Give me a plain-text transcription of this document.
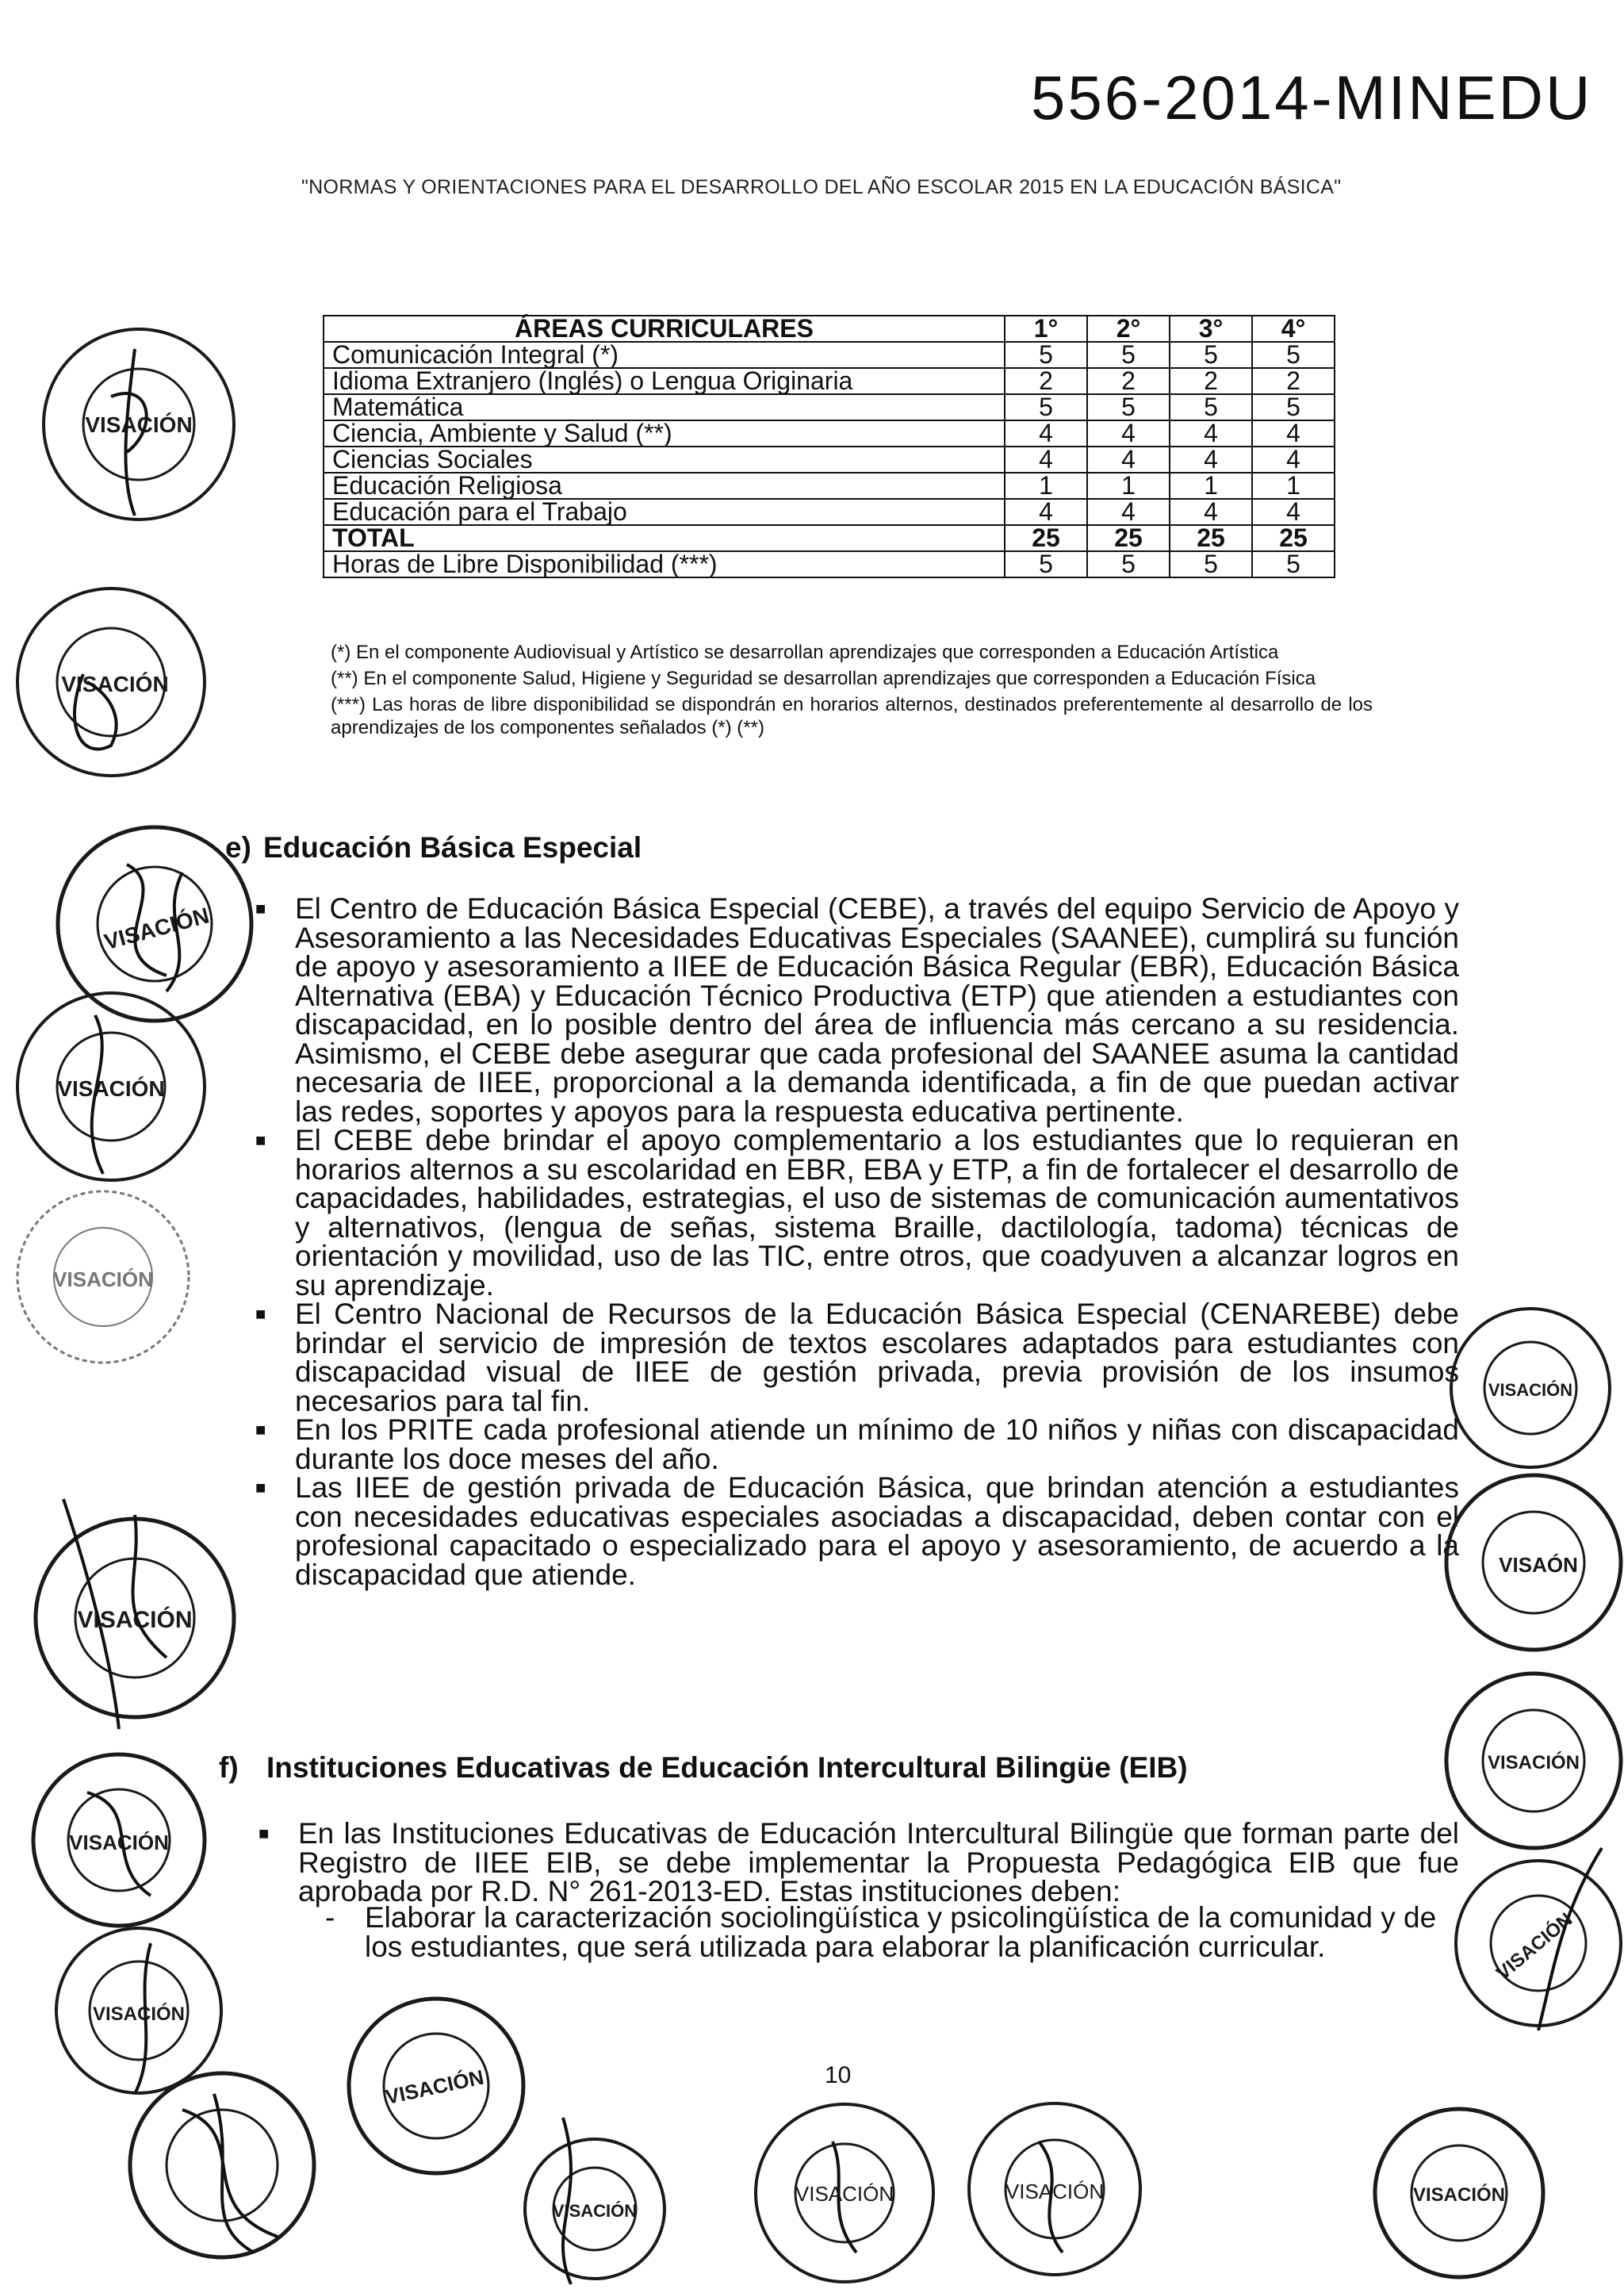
556-2014-MINEDU
"NORMAS Y ORIENTACIONES PARA EL DESARROLLO DEL AÑO ESCOLAR 2015 EN LA EDUCACIÓN BÁSICA"
ÁREAS CURRICULARES	1°	2°	3°	4°
Comunicación Integral (*)	5	5	5	5
Idioma Extranjero (Inglés) o Lengua Originaria	2	2	2	2
Matemática	5	5	5	5
Ciencia, Ambiente y Salud (**)	4	4	4	4
Ciencias Sociales	4	4	4	4
Educación Religiosa	1	1	1	1
Educación para el Trabajo	4	4	4	4
TOTAL	25	25	25	25
Horas de Libre Disponibilidad (***)	5	5	5	5

(*) En el componente Audiovisual y Artístico se desarrollan aprendizajes que corresponden a Educación Artística

(**) En el componente Salud, Higiene y Seguridad se desarrollan aprendizajes que corresponden a Educación Física

(***) Las horas de libre disponibilidad se dispondrán en horarios alternos, destinados preferentemente al desarrollo de los aprendizajes de los componentes señalados (*) (**)

e) Educación Básica Especial
■ El Centro de Educación Básica Especial (CEBE), a través del equipo Servicio de Apoyo y Asesoramiento a las Necesidades Educativas Especiales (SAANEE), cumplirá su función de apoyo y asesoramiento a IIEE de Educación Básica Regular (EBR), Educación Básica Alternativa (EBA) y Educación Técnico Productiva (ETP) que atienden a estudiantes con discapacidad, en lo posible dentro del área de influencia más cercano a su residencia. Asimismo, el CEBE debe asegurar que cada profesional del SAANEE asuma la cantidad necesaria de IIEE, proporcional a la demanda identificada, a fin de que puedan activar las redes, soportes y apoyos para la respuesta educativa pertinente.
■ El CEBE debe brindar el apoyo complementario a los estudiantes que lo requieran en horarios alternos a su escolaridad en EBR, EBA y ETP, a fin de fortalecer el desarrollo de capacidades, habilidades, estrategias, el uso de sistemas de comunicación aumentativos y alternativos, (lengua de señas, sistema Braille, dactilología, tadoma) técnicas de orientación y movilidad, uso de las TIC, entre otros, que coadyuven a alcanzar logros en su aprendizaje.
■ El Centro Nacional de Recursos de la Educación Básica Especial (CENAREBE) debe brindar el servicio de impresión de textos escolares adaptados para estudiantes con discapacidad visual de IIEE de gestión privada, previa provisión de los insumos necesarios para tal fin.
■ En los PRITE cada profesional atiende un mínimo de 10 niños y niñas con discapacidad durante los doce meses del año.
■ Las IIEE de gestión privada de Educación Básica, que brindan atención a estudiantes con necesidades educativas especiales asociadas a discapacidad, deben contar con el profesional capacitado o especializado para el apoyo y asesoramiento, de acuerdo a la discapacidad que atiende.
f) Instituciones Educativas de Educación Intercultural Bilingüe (EIB)
■ En las Instituciones Educativas de Educación Intercultural Bilingüe que forman parte del Registro de IIEE EIB, se debe implementar la Propuesta Pedagógica EIB que fue aprobada por R.D. N° 261-2013-ED. Estas instituciones deben:
- Elaborar la caracterización sociolingüística y psicolingüística de la comunidad y de los estudiantes, que será utilizada para elaborar la planificación curricular.
10
VISACIÓN
VISACIÓN
VISACIÓN
VISACIÓN
VISACIÓN
VISACIÓN
VISACIÓN
VISACIÓN
VISACIÓN
VISACIÓN
VISACIÓN	VISACIÓN	VISACIÓN
VISACIÓN
VISAÓN
VISACIÓN
VISACIÓN
